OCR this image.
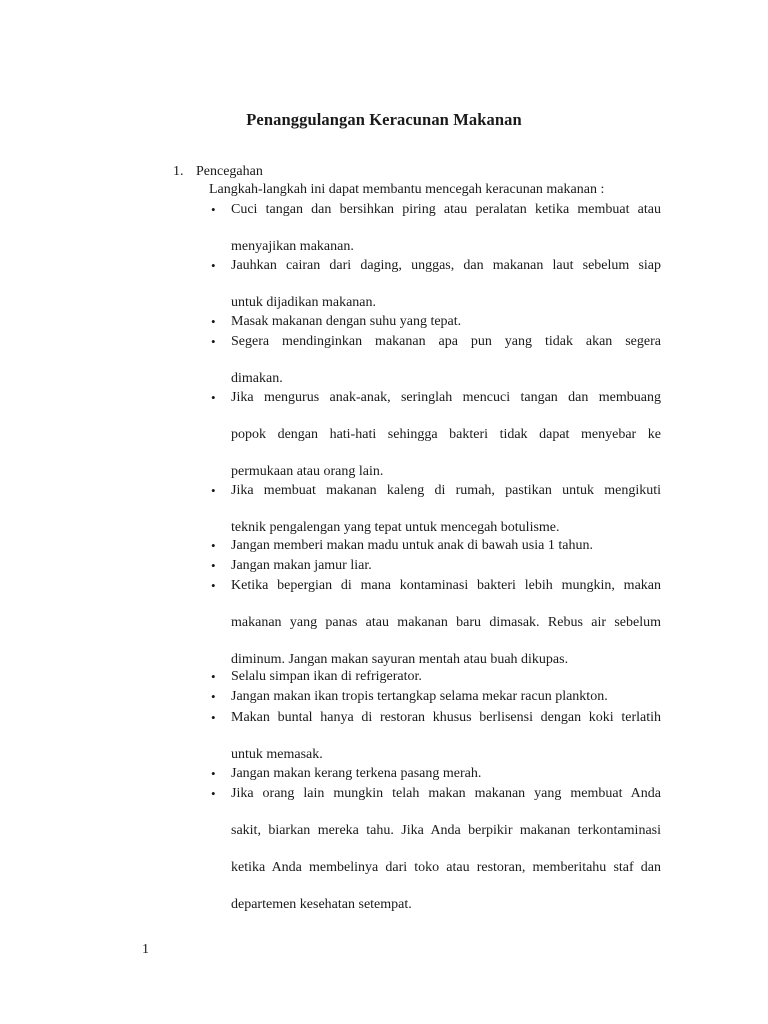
Penanggulangan Keracunan Makanan
1. Pencegahan
Langkah-langkah ini dapat membantu mencegah keracunan makanan :
• Cuci tangan dan bersihkan piring atau peralatan ketika membuat atau
menyajikan makanan.
• Jauhkan cairan dari daging, unggas, dan makanan laut sebelum siap
untuk dijadikan makanan.
• Masak makanan dengan suhu yang tepat.
• Segera mendinginkan makanan apa pun yang tidak akan segera
dimakan.
• Jika mengurus anak-anak, seringlah mencuci tangan dan membuang
popok dengan hati-hati sehingga bakteri tidak dapat menyebar ke
permukaan atau orang lain.
• Jika membuat makanan kaleng di rumah, pastikan untuk mengikuti
teknik pengalengan yang tepat untuk mencegah botulisme.
• Jangan memberi makan madu untuk anak di bawah usia 1 tahun.
• Jangan makan jamur liar.
• Ketika bepergian di mana kontaminasi bakteri lebih mungkin, makan
makanan yang panas atau makanan baru dimasak. Rebus air sebelum
diminum. Jangan makan sayuran mentah atau buah dikupas.
• Selalu simpan ikan di refrigerator.
• Jangan makan ikan tropis tertangkap selama mekar racun plankton.
• Makan buntal hanya di restoran khusus berlisensi dengan koki terlatih
untuk memasak.
• Jangan makan kerang terkena pasang merah.
• Jika orang lain mungkin telah makan makanan yang membuat Anda
sakit, biarkan mereka tahu. Jika Anda berpikir makanan terkontaminasi
ketika Anda membelinya dari toko atau restoran, memberitahu staf dan
departemen kesehatan setempat.
1
